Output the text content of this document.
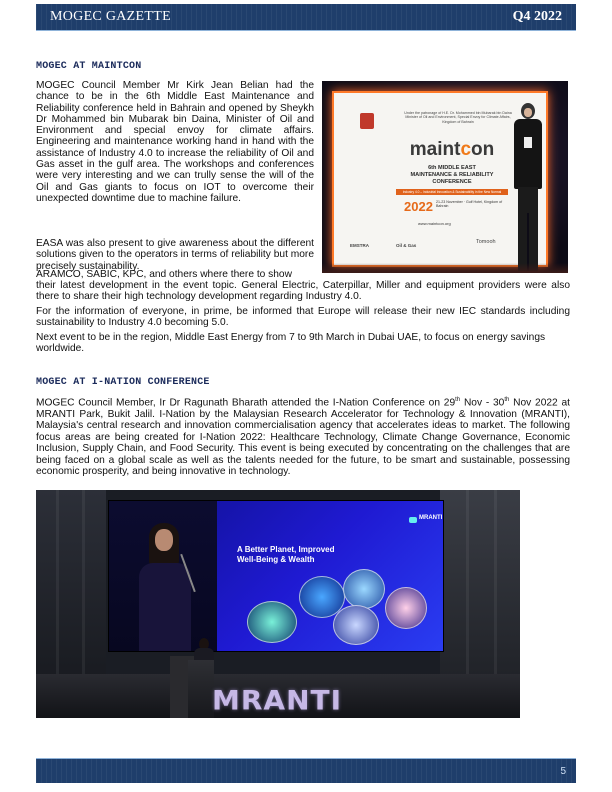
MOGEC GAZETTE	Q4 2022
MOGEC AT MAINTCON

MOGEC Council Member Mr Kirk Jean Belian had the chance to be in the 6th Middle East Maintenance and Reliability conference held in Bahrain and opened by Sheykh Dr Mohammed bin Mubarak bin Daina, Minister of Oil and Environment and special envoy for climate affairs. Engineering and maintenance working hand in hand with the assistance of Industry 4.0 to increase the reliability of Oil and Gas asset in the gulf area. The workshops and conferences were very interesting and we can trully sense the will of the Oil and Gas giants to focus on IOT to overcome their unexpected downtime due to machine failure.

EASA was also present to give awareness about the different solutions given to the operators in terms of reliability but more precisely sustainability.

ARAMCO, SABIC, KPC, and others where there to show

their latest development in the event topic. General Electric, Caterpillar, Miller and equipment providers were also there to share their high technology development regarding Industry 4.0.

For the information of everyone, in prime, be informed that Europe will release their new IEC standards including sustainability to Industry 4.0 becoming 5.0.

Next event to be in the region, Middle East Energy from 7 to 9th March in Dubai UAE, to focus on energy savings worldwide.

Under the patronage of H.E. Dr. Mohammed bin Mubarak bin Daina Minister of Oil and Environment, Special Envoy for Climate Affairs, Kingdom of Bahrain
maintcon
6th MIDDLE EAST
MAINTENANCE & RELIABILITY CONFERENCE
Industry 4.0 – Industrial Innovation & Sustainability in the New Normal
2022 21-23 November · Gulf Hotel, Kingdom of Bahrain
www.maintcon.org
EMSTRA	Oil & Gas
Tomooh
MOGEC AT I-NATION CONFERENCE

MOGEC Council Member, Ir Dr Ragunath Bharath attended the I-Nation Conference on 29th Nov - 30th Nov 2022 at MRANTI Park, Bukit Jalil. I-Nation by the Malaysian Research Accelerator for Technology & Innovation (MRANTI), Malaysia's central research and innovation commercialisation agency that accelerates ideas to market. The following focus areas are being created for I-Nation 2022: Healthcare Technology, Climate Change Governance, Economic Inclusion, Supply Chain, and Food Security. This event is being executed by concentrating on the challenges that are being faced on a global scale as well as the talents needed for the future, to be smart and sustainable, possessing economic prosperity, and being innovative in technology.

MRANTI
A Better Planet, Improved Well-Being & Wealth
MRANTI
5
